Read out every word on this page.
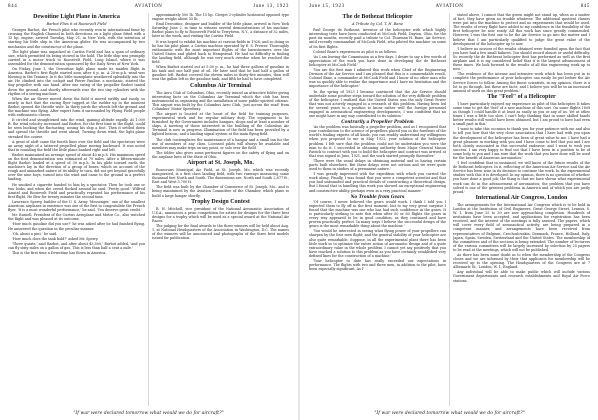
844	AVIATION	June 13, 1923
Dewoitine Light Plane in America
Barbot Flies it at Roosevelt Field

Georges Barbot, the French pilot who recently won in international fame by crossing the English Channel in both directions on a light plane fitted with a 15 hp. engine, arrived Tuesday, May 21, in New York, with the intention of starting his little ship in the American glider. He was accompanied by two mechanics and the constructor of the plane.

The light plane was unpacked at Curtiss Field and has a span of ordinary size, which permitted its being stowed in the hold. The little ship was promptly carried in a motor truck to Roosevelt Field, Long Island, where it was assembled for the demonstration sponsored by the Daily News of New York.

On Friday, June 1, the Dewoitine light plane made its maiden flight in America. Barbot's first flight started soon after 6 p. m. A 20-m.p.h. wind was blowing in the Tenancy. In it the little monoplane weathered splendidly into the air. He climbed into the cockpit and Pierre Pauline, a mechanic, started the tiny propeller with one hand. After one swing of the propeller Barbot taxied down the ground, and shortly afterwards rose the two tiny cylinders with the rhythm of a sewing machine.

When the air flivver moved down the field it moved swiftly and easily, so nearly in fact that the racing flyer tugged at the rudder up to the moment Barbot opened the throttle wide. In thirty yards the wheels left the ground and the machine was flying. After expert form it surrounded by Flying Field people with enthusiastic cheers.

It circled and straightened into the wind, gaining altitude rapidly. At 1,000 ft. the wind velocity increased and Barbot, for the first time in the flight, could be seen bucking the fluctuating, nosing his ship a foot. Then it settled down and spread the throttle and went ahead. Turning down wind, the light plane streaked the course.

A great of aloft came the fourth lines over the field and the spectators were an array night of a tattered propelled plane moving backward. It was noted that in rounding the field the little plane banked right and left.

Barbot maintained an average speed of about 40 m.p.h. His maximum speed on the first demonstration was estimated at 70 miles. After a fifteen-minute flight Barbot landed at a speed of 30 m.p.h. In his glide toward earth the machine's lay in the direction of a group of boxes, which on account of the rough and unmarked nature of its ability to turn, did not get beyond gracefully over the nine boys, turned into the wind and came to the ground in a perfect landing.

He smoked a cigarette handed to him by a spectator. Then he took one or two looks, and when the crowd flocked around he said: 'Pretty good.' Wilfred Amstel and Roosevelt Field and practically repeated his performance of his first flight. He flew for twenty minutes the second time.

Lawrence Sperry, builder of the U. S. Army 'Messenger,' one of the smallest American airplanes in existence was one of the first to congratulate the French flyer. 'It is a most wonderful performance,' he said. 'You deserve great credit.'

Mr. Russell, President of the Curtiss Aeroplane and Motor Co., also watched the flight and was pleased at its outcome.

'How much gasoline did you use?' he was asked after he had finished flying. He answered the question in the peculiar manner.

'Oh, about a pint,' he said.

'How much does the tank hold?' asked Mr. Sperry.

'Three quarts,' said Barbot, and after about $3,500,' Barbot added, 'and you can fly sixty miles on a gallon of gas. This is less than half a cent a mile.'

This is the first time a Dewoitine has flown in America.

approximately 500 lb. The 15 hp. Clerget 2-cylinder horizontal opposed type engine weighs about 55 lb.

Emil Dewoitine, designer and builder of the little plane, arrived in New York Saturday, June 2, in time to witness several demonstrations of his machine. Barbot plans to fly to Roosevelt Field to Terrytown, N.Y., a distance of 32 miles, later in the week, and visiting the Curtiss Field.

It was hoped to exhibit his machine at various fields in 1926, and so doing so he has his pilot plane, a Curtiss machine operated by E. S. Prewer. Thoroughly enthusiastic with the most important flights of the barnstormers over the United States and glided back to Hempstead. He had no difficulty in finding the landing field, although he was very much overdue when he reached the field.

When Barbot started out at 5:00 p. m., he had three gallons of gasoline in his tank and one half pint of oil. He later said that he had half a gallon of gasoline left. Barbot covered the eleven miles in thirty-five minutes, then still won the gallon left in the gasoline tank, and fifth he had to have completed.

Columbus Air Terminal

The Aero Club of Columbus, Ohio, recently issued an attractive folder giving interesting facts on the Columbus Air Terminal which the club has been instrumental in organizing and the installation of some public-spirited citizens. This airport was built by the Columbus Aero Club, 'just across the road' from Columbus' Motor Speedway.

The airport is located at the heart of the field for training purposes, experimental work and for regular military duty. The equipment to be furnished by the Government includes hangars, shops and at least a number of ships. A meeting of those interested in the building of the Columbus Air Terminal is now in progress. Illumination of the field has been provided by a lighted beacon, and a landing signal system at the main flying field.

The club contemplates the maintenance of a hangar and a small inn for the use of members of any class. Licensed pilots will always be available and members may make trips on any point, or solo over the field.

The folder also gives some pertinent figures on the safety of flying and on the airplane laws of the State of Ohio.

Airport at St. Joseph, Mo.

Rosecrans Municipal Air Field, at St. Joseph, Mo. which was recently inaugurated, is a first class landing field, with two runways measuring some thousand feet North and South. The dimensions are: North and South 2,877 ft., East and West 3,700 ft.

The field was built by the Chamber of Commerce of St. Joseph, Mo., and is being maintained by the Aviation Committee of the Chamber, which plans to build a large hangar shortly.

Trophy Design Contest

R. H. Mitchell, vice president of the National Aeronautic Association of U.S.A., announces a prize competition for artists for designs for the three best designs for a trophy which will be used as a special award at the National Air Races.

The judging for the final awards to the three winners will be held about Aug. 1, at National Headquarters of the Association in Washington, D.C. The names of the winners will be announced and photographs of the three best models issued for publication.

"If war were declared tomorrow what would we do for aircraft?"
June 15, 1923	AVIATION	845
The de Bothezat Helicopter
A Tribute by Col. T. H. Bane

Paul George de Bothezat, inventor of the helicopter with which highly interesting tests have been conducted at McCook Field, Dayton, Ohio, for the past six months, recently paid a tribute to Col. Thurman H. Bane, Air Service, until recently commandant of McCook Field, who piloted the machine on some of its first flights.

Colonel Bane's experiences as pilot is as follows:

'As I am leaving the Commission as a few days, I desire to say a few words of appreciation of the work you have done in developing the de Bothezat helicopter at McCook Field.'

'You are the first man I admired this work when Chief of the Engineering Division of the Air Service and I am pleased that this is a commendable result, Colonel Bane, a commander at McCook Field and I know of no other man who was so quickly able to realize the importance and I have no hesitation and the importance of the helicopter.'

'In the spring of 1923 I became convinced that the Air Service should undertake some positive steps toward the solution of the very difficult problem of the helicopter. I realized that the United States was the only Great Power that was not actively engaged in a research of this problem. Having been led for several years to a position to know rather well the foreign personnel engaged in aeronautical engineering developments, I was confident that no one might have in any way contributed to its solution.'

Contrarily a Propeller Problem

'As the problem was basically a propeller problem, and as I recognized that your contribution to the science of propellers placed you in the forefront of the world's leading experts of all kinds, you can readily understand my willingness when you proposed to me in May, 1922, your solution of the helicopter problem. I felt sure that the problem could not be undertaken you were the man to do it. I succeeded in obtaining authority from Major General Mason Patrick to contract with you to build the helicopter and contract was arrived at that was signed in June, 1921, and the work started promptly thereafter.'

'There were the usual delays in obtaining material and in having certain parts built elsewhere. But these delays were not serious and we were quite used to them in studies of a permanent nature.'

'I was greatly impressed with the expedition with which you carried the work along. Finally, I was found that you were a competent scientist and that you had unbounded and practical details of constructing a theoretical design. But I found that in handling this work you showed an exceptional engineering and constructive ability, perhaps even in a very practical manner.'

No Trouble from Gears

'Of course, I never believed the gears would work. I think I told you I expected them to fly off in the first moment, but to my very great surprise I found that the machine was one who has had such confidence in the gears. It is particularly striking to note this when after 50 or 60 flights the gears in every way appeared to be in good condition, as they continued and have proven practically perfect. In many ways I believe the successful design of the gears is the most remarkable thing about the machine.'

'You would be interested in seeing what flying power of your propellers can sharpen by the four men flight; and the general stability of your helicopter are also quite remarkable. Suppose, in all the experimental plant there has been little work so to optimize the entire action of aeronautic design and of a quite extraordinary value in the whole problem. I cannot yet say positively that you have reached a solution to this problem as you have certainly established very defined lines for the construction of a machine.'

'Your helicopter to date has really exceeded our expectations in performance. The flights with two and three men, in addition to the pilot, have been especially significant. As I'

stated above, I cannot that the green might not stand up, when as a matter of fact, they have given no trouble whatever. The additional quotient classes were put into the machine to protect and no experiments that would be used. The results of every flight have added to my confidence in the feasibility of the first helicopter be now ready. All this work has since greatly commended. However, I was the first one to be the Air Service to go into the matter and I believe that I am particularly qualified to judge the great value of the development of the helicopter up to now.

'I believe no novices of the results obtained were founded upon the fact that you have had a few small failures. You should record almost or useful difficulty. So recently the de Bothezat helicopter first has performed as well as the first airplane and it is my considered belief that it is the largest advancement of these times. We look forward to the results of all this engineering work up to now.'

'The evidence of the intense and intensive work which has been put in to complete the performance of your helicopter can easily be put before the Air Service forces to follow. Among the finest scientists, in my opinion, there is a lot to go through, but these are facts, and I believe you will be in an increased amount of work on this great problem.'

The "Feel" of a Helicopter

'I have particularly enjoyed my experience as pilot of this helicopter. It takes some time to get the 'feel' of a new machine of this sort. On some flights I felt as though I could handle it at least as easily as you or any of us. Yet at other times I was a little too slow. I can't help thinking that in some skilled hands better results still would have been obtained, but I am proud to have had even a small part in this.'

'I want to take this occasion to thank you for your patience with me and also to tell you how that the very close association that I have had with you upon the development of the helicopter has been of great value to me. I have had a great pleasure in working with you and I have come to feel that you and I are both closely associated in this successful endeavor, and I want to wish you success. I am very happy to find out that I have been in a position to be of some help to you and I am sure that the work that you have done will be used for the benefit of American Aeronautics.'

'I feel confident that in sustained, we will know of the future results of the de Bothezat helicopter. In it, reflecting of the American Air Service and the Air Service has been wise in its decision to continue the work. In the experimental studies with this it is developed. In my opinion, there is no question of whether you have done a good job; the thing is that we have shown what experimental work can do in the advancement of aeronautics; the problem that you have solved is one of the greatest problems in America and of which you are justly proud.'

International Air Congress, London

The arrangements for the International Air Congress which is to be held in London at the Institution of Civil Engineers, Great George Street, Lennox, S. W. 1, from June 25 to 30 are now approaching completion. Hundreds of invitations have been accepted, and applications for registration has been received, and the interest of the meetings is fully assured. The papers, which will cover every field of aeronautical activity, are being prepared in a competent manner, and arrangements have been received from representatives of Belgium, Czechoslovakia, Denmark, France, Holland, Italy, Japan, Spain, Sweden, Switzerland and the United States. The membership of the committees and of the sections is being extended. The number of lecturers of the various committees will be largely increased by selection by 25 papers to be read at the meetings, which will not be published.

As there has been some doubt as to when the membership of the Congress closes and we are informed by their that applicants for membership will be received up to the opening. The Headquarters of the Congress are at 7 Albemarle St., London, W. 1, England.

Any individual will be able to make public which will include various Government departments and research establishments and Royal Air Force stations.

"If war were declared tomorrow what would we do for aircraft?"
